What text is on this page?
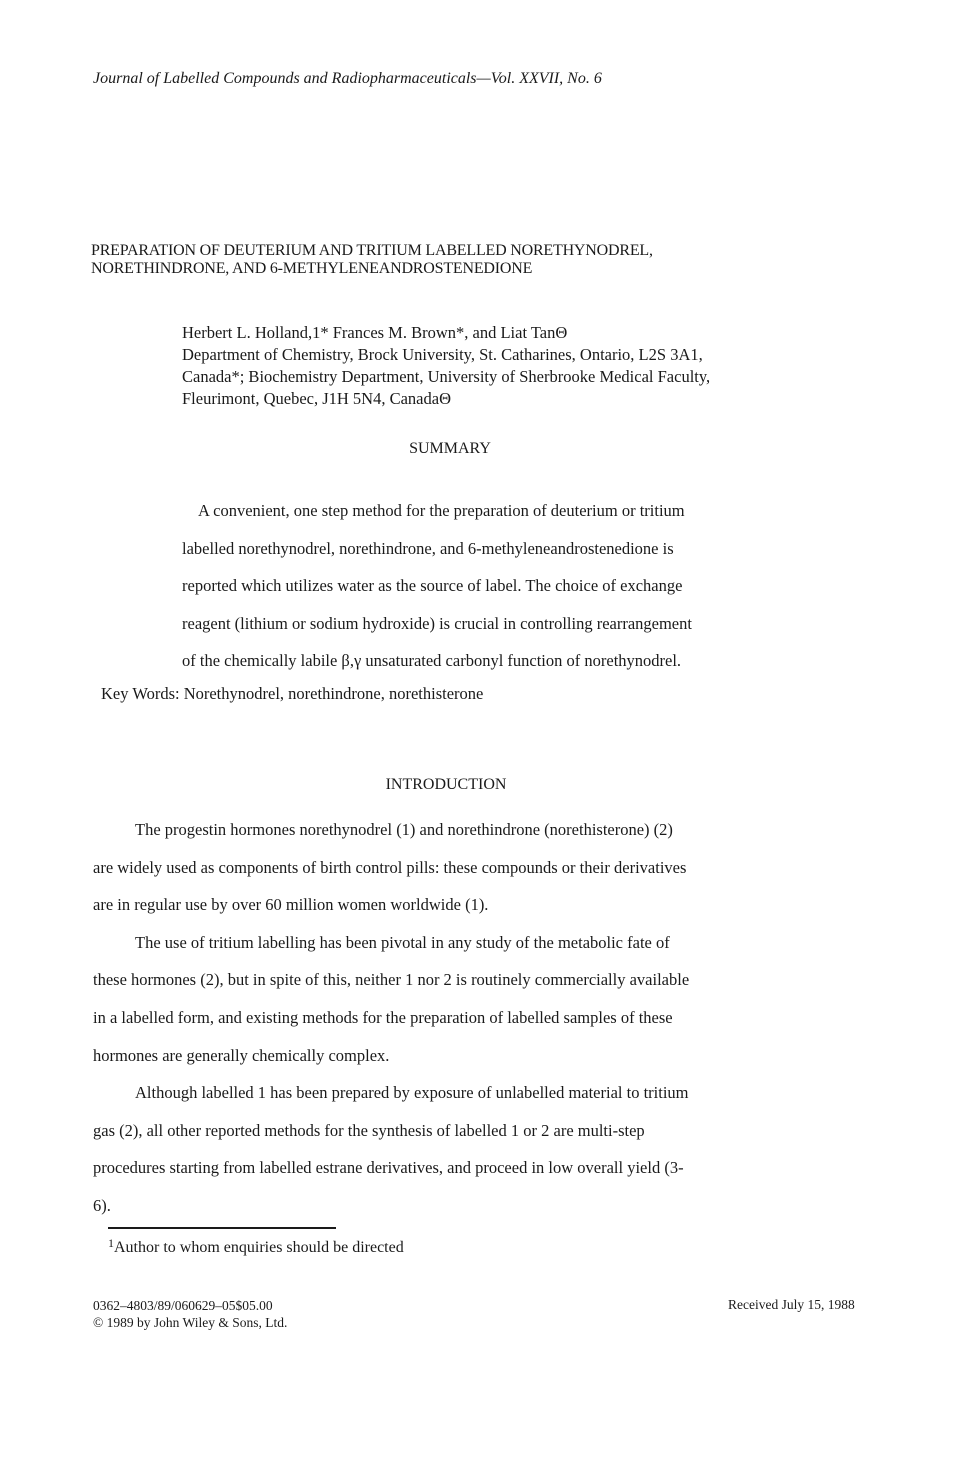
Journal of Labelled Compounds and Radiopharmaceuticals—Vol. XXVII, No. 6
PREPARATION OF DEUTERIUM AND TRITIUM LABELLED NORETHYNODREL,
NORETHINDRONE, AND 6-METHYLENEANDROSTENEDIONE
Herbert L. Holland,1* Frances M. Brown*, and Liat TanΘ
Department of Chemistry, Brock University, St. Catharines, Ontario, L2S 3A1,
Canada*; Biochemistry Department, University of Sherbrooke Medical Faculty,
Fleurimont, Quebec, J1H 5N4, CanadaΘ
SUMMARY
A convenient, one step method for the preparation of deuterium or tritium
labelled norethynodrel, norethindrone, and 6-methyleneandrostenedione is
reported which utilizes water as the source of label. The choice of exchange
reagent (lithium or sodium hydroxide) is crucial in controlling rearrangement
of the chemically labile β,γ unsaturated carbonyl function of norethynodrel.
Key Words: Norethynodrel, norethindrone, norethisterone
INTRODUCTION
The progestin hormones norethynodrel (1) and norethindrone (norethisterone) (2)
are widely used as components of birth control pills: these compounds or their derivatives
are in regular use by over 60 million women worldwide (1).
The use of tritium labelling has been pivotal in any study of the metabolic fate of
these hormones (2), but in spite of this, neither 1 nor 2 is routinely commercially available
in a labelled form, and existing methods for the preparation of labelled samples of these
hormones are generally chemically complex.
Although labelled 1 has been prepared by exposure of unlabelled material to tritium
gas (2), all other reported methods for the synthesis of labelled 1 or 2 are multi-step
procedures starting from labelled estrane derivatives, and proceed in low overall yield (3-
6).
$^1$Author to whom enquiries should be directed
0362–4803/89/060629–05$05.00
© 1989 by John Wiley & Sons, Ltd.
Received July 15, 1988
